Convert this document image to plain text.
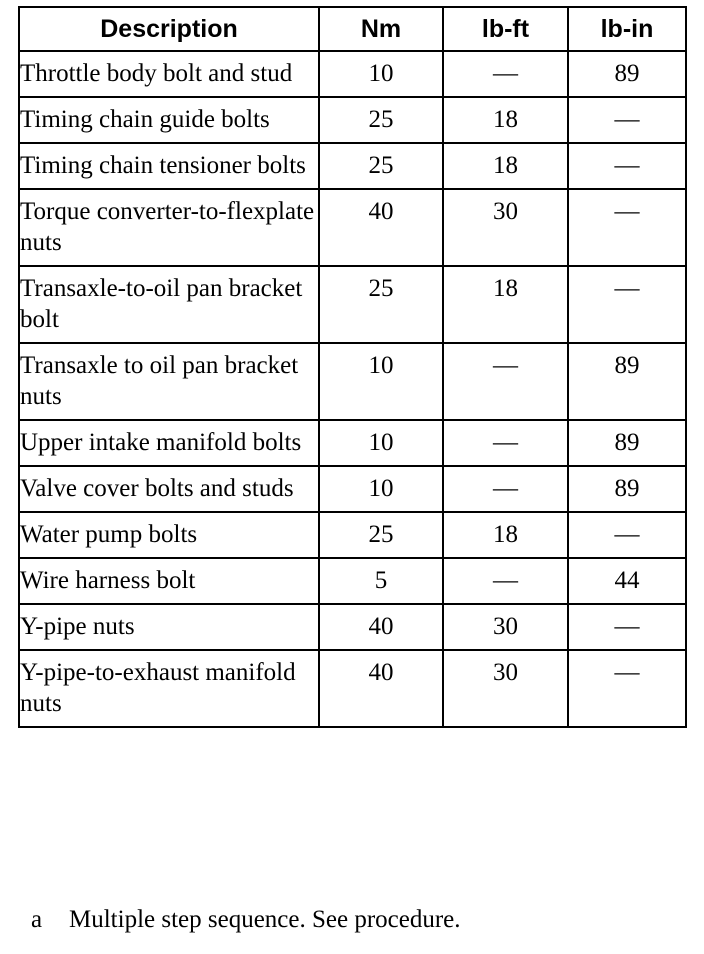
Description	Nm	lb-ft	lb-in
Throttle body bolt and stud	10	—	89
Timing chain guide bolts	25	18	—
Timing chain tensioner bolts	25	18	—
Torque converter-to-flexplate nuts	40	30	—
Transaxle-to-oil pan bracket bolt	25	18	—
Transaxle to oil pan bracket nuts	10	—	89
Upper intake manifold bolts	10	—	89
Valve cover bolts and studs	10	—	89
Water pump bolts	25	18	—
Wire harness bolt	5	—	44
Y-pipe nuts	40	30	—
Y-pipe-to-exhaust manifold nuts	40	30	—
a Multiple step sequence. See procedure.
